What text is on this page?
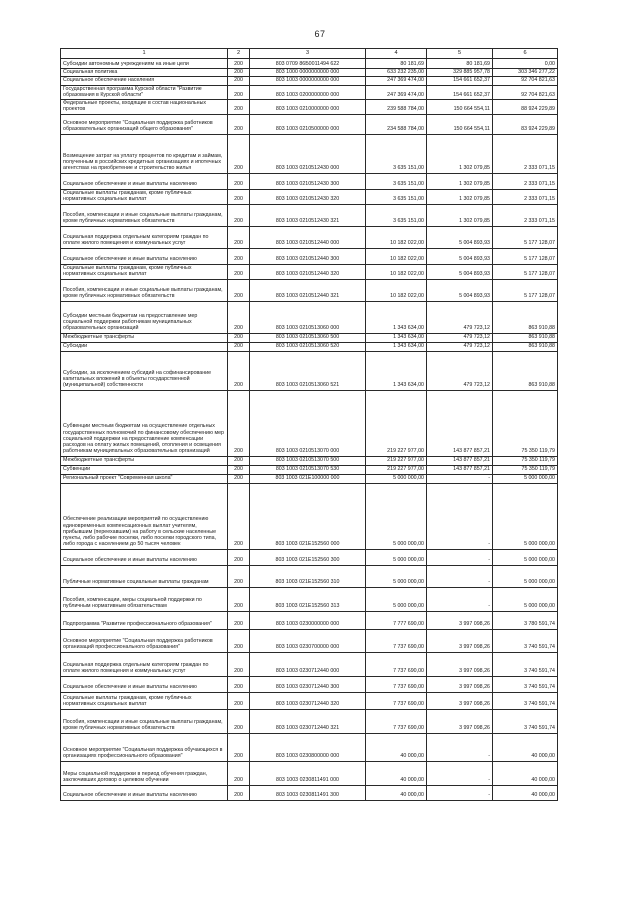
67
1	2	3	4	5	6
Субсидии автономным учреждениям на иные цели	200	803 0709 86Б0011494 622	80 181,69	80 181,69	0,00
Социальная политика	200	803 1000 0000000000 000	633 232 235,00	329 885 957,78	303 346 277,22
Социальное обеспечение населения	200	803 1003 0000000000 000	247 369 474,00	154 661 652,37	92 704 821,63
Государственная программа Курской области "Развитие образования в Курской области"	200	803 1003 0200000000 000	247 369 474,00	154 661 652,37	92 704 821,63
Федеральные проекты, входящие в состав национальных проектов	200	803 1003 0210000000 000	239 588 784,00	150 664 554,11	88 924 229,89
Основное мероприятие "Социальная поддержка работников образовательных организаций общего образования"	200	803 1003 0210500000 000	234 588 784,00	150 664 554,11	83 924 229,89
Возмещение затрат на уплату процентов по кредитам и займам, полученным в российских кредитных организациях и ипотечных агентствах на приобретение и строительство жилья	200	803 1003 0210512430 000	3 635 151,00	1 302 079,85	2 333 071,15
Социальное обеспечение и иные выплаты населению	200	803 1003 0210512430 300	3 635 151,00	1 302 079,85	2 333 071,15
Социальные выплаты гражданам, кроме публичных нормативных социальных выплат	200	803 1003 0210512430 320	3 635 151,00	1 302 079,85	2 333 071,15
Пособия, компенсации и иные социальные выплаты гражданам, кроме публичных нормативных обязательств	200	803 1003 0210512430 321	3 635 151,00	1 302 079,85	2 333 071,15
Социальная поддержка отдельным категориям граждан по оплате жилого помещения и коммунальных услуг	200	803 1003 0210512440 000	10 182 022,00	5 004 893,93	5 177 128,07
Социальное обеспечение и иные выплаты населению	200	803 1003 0210512440 300	10 182 022,00	5 004 893,93	5 177 128,07
Социальные выплаты гражданам, кроме публичных нормативных социальных выплат	200	803 1003 0210512440 320	10 182 022,00	5 004 893,93	5 177 128,07
Пособия, компенсации и иные социальные выплаты гражданам, кроме публичных нормативных обязательств	200	803 1003 0210512440 321	10 182 022,00	5 004 893,93	5 177 128,07
Субсидии местным бюджетам на предоставление мер социальной поддержки работникам муниципальных образовательных организаций	200	803 1003 0210513060 000	1 343 634,00	479 723,12	863 910,88
Межбюджетные трансферты	200	803 1003 0210513060 500	1 343 634,00	479 723,12	863 910,88
Субсидии	200	803 1003 0210513060 520	1 343 634,00	479 723,12	863 910,88
Субсидии, за исключением субсидий на софинансирование капитальных вложений в объекты государственной (муниципальной) собственности	200	803 1003 0210513060 521	1 343 634,00	479 723,12	863 910,88
Субвенции местным бюджетам на осуществление отдельных государственных полномочий по финансовому обеспечению мер социальной поддержки на предоставление компенсации расходов на оплату жилых помещений, отопления и освещения работникам муниципальных образовательных организаций	200	803 1003 0210513070 000	219 227 977,00	143 877 857,21	75 350 119,79
Межбюджетные трансферты	200	803 1003 0210513070 500	219 227 977,00	143 877 857,21	75 350 119,79
Субвенции	200	803 1003 0210513070 530	219 227 977,00	143 877 857,21	75 350 119,79
Региональный проект "Современная школа"	200	803 1003 021E100000 000	5 000 000,00	-	5 000 000,00
Обеспечение реализации мероприятий по осуществлению единовременных компенсационных выплат учителям, прибывшим (переехавшим) на работу в сельские населенные пункты, либо рабочие поселки, либо поселки городского типа, либо города с населением до 50 тысяч человек	200	803 1003 021E152560 000	5 000 000,00	-	5 000 000,00
Социальное обеспечение и иные выплаты населению	200	803 1003 021E152560 300	5 000 000,00	-	5 000 000,00
Публичные нормативные социальные выплаты гражданам	200	803 1003 021E152560 310	5 000 000,00	-	5 000 000,00
Пособия, компенсации, меры социальной поддержки по публичным нормативным обязательствам	200	803 1003 021E152560 313	5 000 000,00	-	5 000 000,00
Подпрограмма "Развитие профессионального образования"	200	803 1003 0230000000 000	7 777 690,00	3 997 098,26	3 780 591,74
Основное мероприятие "Социальная поддержка работников организаций профессионального образования"	200	803 1003 0230700000 000	7 737 690,00	3 997 098,26	3 740 591,74
Социальная поддержка отдельным категориям граждан по оплате жилого помещения и коммунальных услуг	200	803 1003 0230712440 000	7 737 690,00	3 997 098,26	3 740 591,74
Социальное обеспечение и иные выплаты населению	200	803 1003 0230712440 300	7 737 690,00	3 997 098,26	3 740 591,74
Социальные выплаты гражданам, кроме публичных нормативных социальных выплат	200	803 1003 0230712440 320	7 737 690,00	3 997 098,26	3 740 591,74
Пособия, компенсации и иные социальные выплаты гражданам, кроме публичных нормативных обязательств	200	803 1003 0230712440 321	7 737 690,00	3 997 098,26	3 740 591,74
Основное мероприятие "Социальная поддержка обучающихся в организациях профессионального образования"	200	803 1003 0230800000 000	40 000,00	-	40 000,00
Меры социальной поддержки в период обучения граждан, заключивших договор о целевом обучении	200	803 1003 0230811491 000	40 000,00	-	40 000,00
Социальное обеспечение и иные выплаты населению	200	803 1003 0230811491 300	40 000,00	-	40 000,00
